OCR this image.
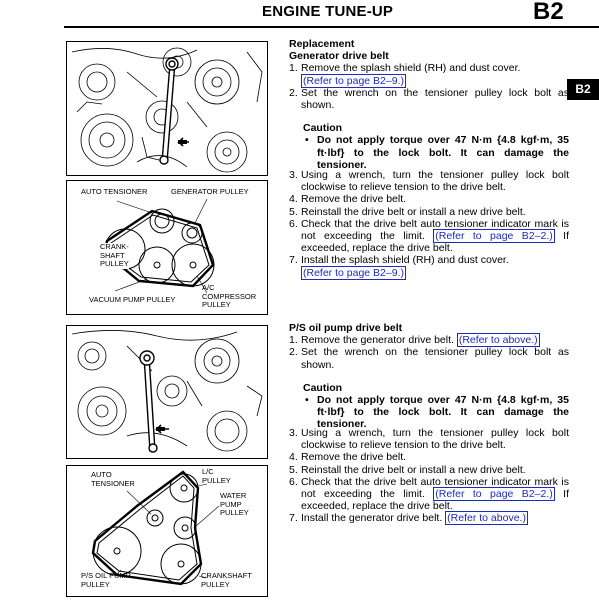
ENGINE TUNE-UP	B2
B2
AUTO TENSIONER	GENERATOR PULLEY
CRANK-
SHAFT
PULLEY
VACUUM PUMP PULLEY
A/C
COMPRESSOR
PULLEY
AUTO
TENSIONER
L/C
PULLEY
WATER
PUMP
PULLEY
P/S OIL PUMP
PULLEY
CRANKSHAFT
PULLEY
Replacement
Generator drive belt
1. Remove the splash shield (RH) and dust cover.
(Refer to page B2–9.)
2. Set the wrench on the tensioner pulley lock bolt as shown.
Caution
• Do not apply torque over 47 N·m {4.8 kgf·m, 35 ft·lbf} to the lock bolt. It can damage the tensioner.
3. Using a wrench, turn the tensioner pulley lock bolt clockwise to relieve tension to the drive belt.
4. Remove the drive belt.
5. Reinstall the drive belt or install a new drive belt.
6. Check that the drive belt auto tensioner indicator mark is not exceeding the limit. (Refer to page B2–2.) If exceeded, replace the drive belt.
7. Install the splash shield (RH) and dust cover.
(Refer to page B2–9.)
P/S oil pump drive belt
1. Remove the generator drive belt. (Refer to above.)
2. Set the wrench on the tensioner pulley lock bolt as shown.
Caution
• Do not apply torque over 47 N·m {4.8 kgf·m, 35 ft·lbf} to the lock bolt. It can damage the tensioner.
3. Using a wrench, turn the tensioner pulley lock bolt clockwise to relieve tension to the drive belt.
4. Remove the drive belt.
5. Reinstall the drive belt or install a new drive belt.
6. Check that the drive belt auto tensioner indicator mark is not exceeding the limit. (Refer to page B2–2.) If exceeded, replace the drive belt.
7. Install the generator drive belt. (Refer to above.)
